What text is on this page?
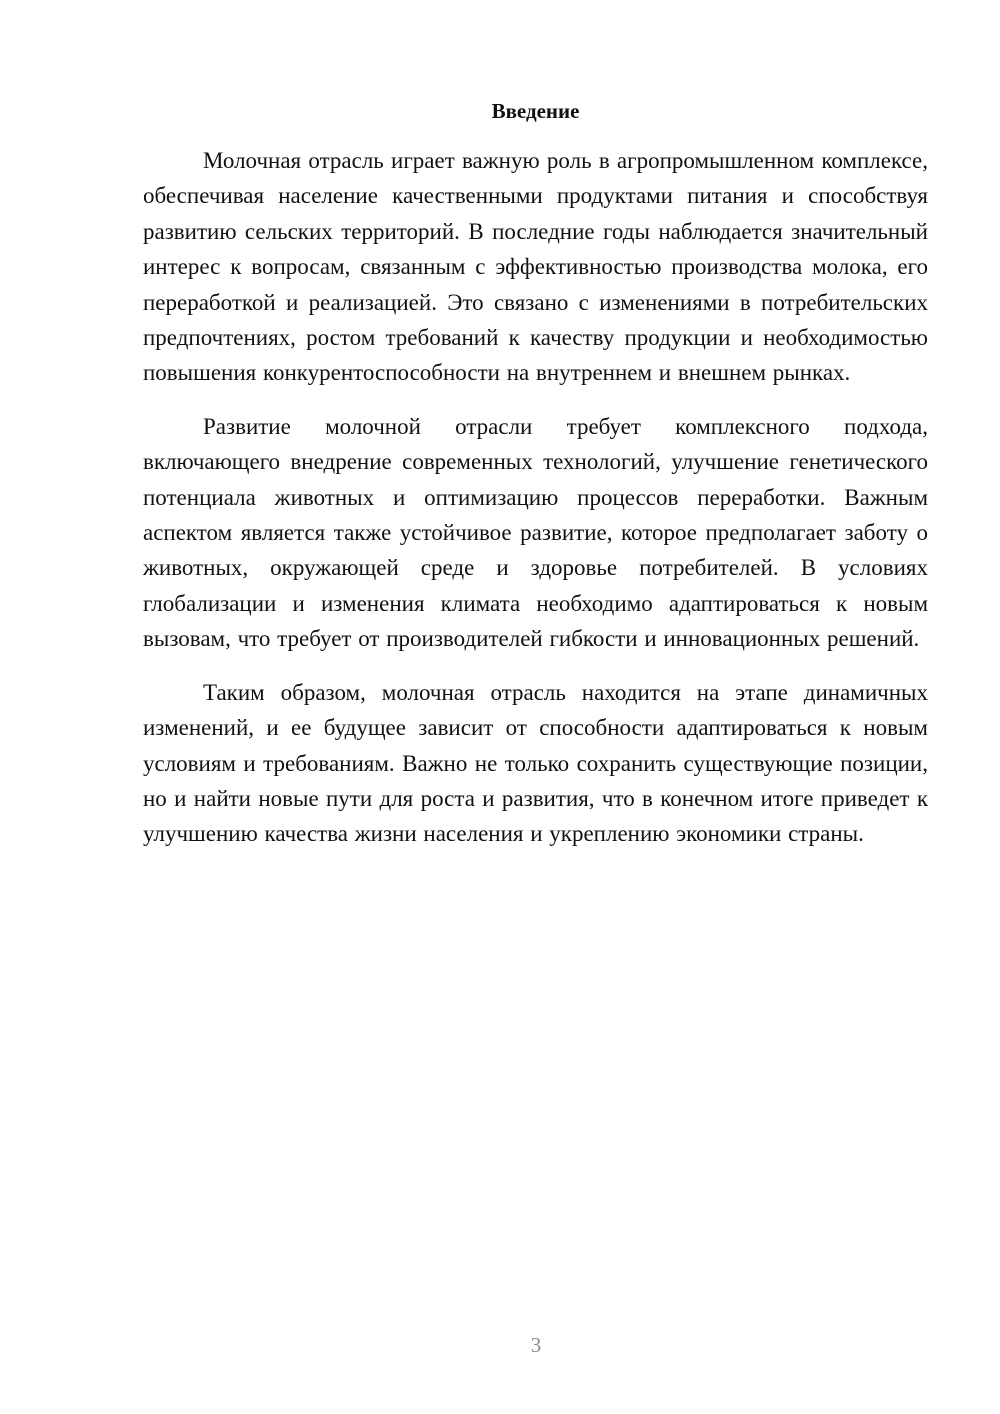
Введение

Молочная отрасль играет важную роль в агропромышленном комплексе, обеспечивая население качественными продуктами питания и способствуя развитию сельских территорий. В последние годы наблюдается значительный интерес к вопросам, связанным с эффективностью производства молока, его переработкой и реализацией. Это связано с изменениями в потребительских предпочтениях, ростом требований к качеству продукции и необходимостью повышения конкурентоспособности на внутреннем и внешнем рынках.

Развитие молочной отрасли требует комплексного подхода, включающего внедрение современных технологий, улучшение генетического потенциала животных и оптимизацию процессов переработки. Важным аспектом является также устойчивое развитие, которое предполагает заботу о животных, окружающей среде и здоровье потребителей. В условиях глобализации и изменения климата необходимо адаптироваться к новым вызовам, что требует от производителей гибкости и инновационных решений.

Таким образом, молочная отрасль находится на этапе динамичных изменений, и ее будущее зависит от способности адаптироваться к новым условиям и требованиям. Важно не только сохранить существующие позиции, но и найти новые пути для роста и развития, что в конечном итоге приведет к улучшению качества жизни населения и укреплению экономики страны.

3
